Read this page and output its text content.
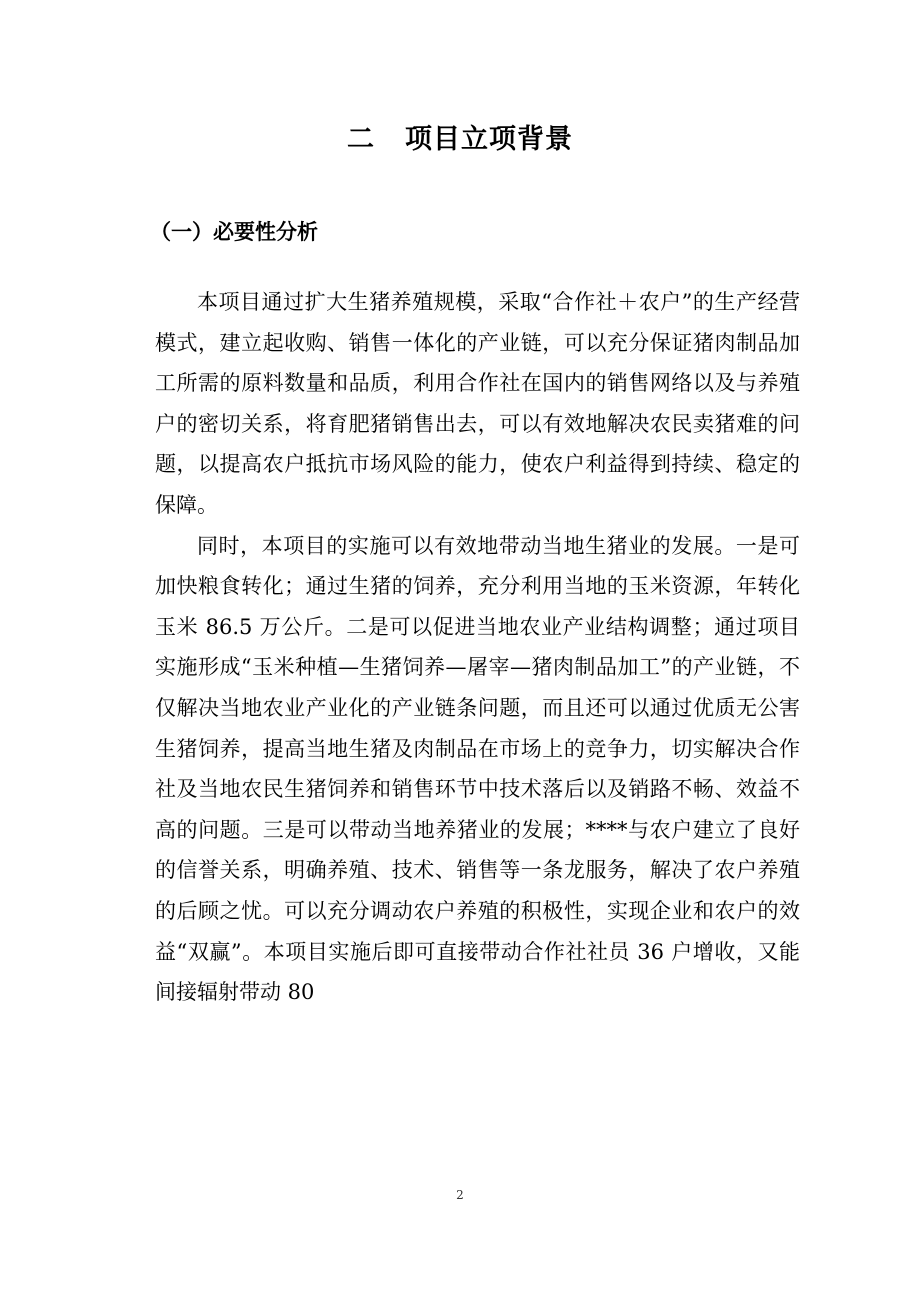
二 项目立项背景
（一）必要性分析

本项目通过扩大生猪养殖规模，采取“合作社＋农户”的生产经营模式，建立起收购、销售一体化的产业链，可以充分保证猪肉制品加工所需的原料数量和品质，利用合作社在国内的销售网络以及与养殖户的密切关系，将育肥猪销售出去，可以有效地解决农民卖猪难的问题，以提高农户抵抗市场风险的能力，使农户利益得到持续、稳定的保障。

同时，本项目的实施可以有效地带动当地生猪业的发展。一是可加快粮食转化；通过生猪的饲养，充分利用当地的玉米资源，年转化玉米 86.5 万公斤。二是可以促进当地农业产业结构调整；通过项目实施形成“玉米种植—生猪饲养—屠宰—猪肉制品加工”的产业链，不仅解决当地农业产业化的产业链条问题，而且还可以通过优质无公害生猪饲养，提高当地生猪及肉制品在市场上的竞争力，切实解决合作社及当地农民生猪饲养和销售环节中技术落后以及销路不畅、效益不高的问题。三是可以带动当地养猪业的发展；****与农户建立了良好的信誉关系，明确养殖、技术、销售等一条龙服务，解决了农户养殖的后顾之忧。可以充分调动农户养殖的积极性，实现企业和农户的效益“双赢”。本项目实施后即可直接带动合作社社员 36 户增收，又能间接辐射带动 80

2
